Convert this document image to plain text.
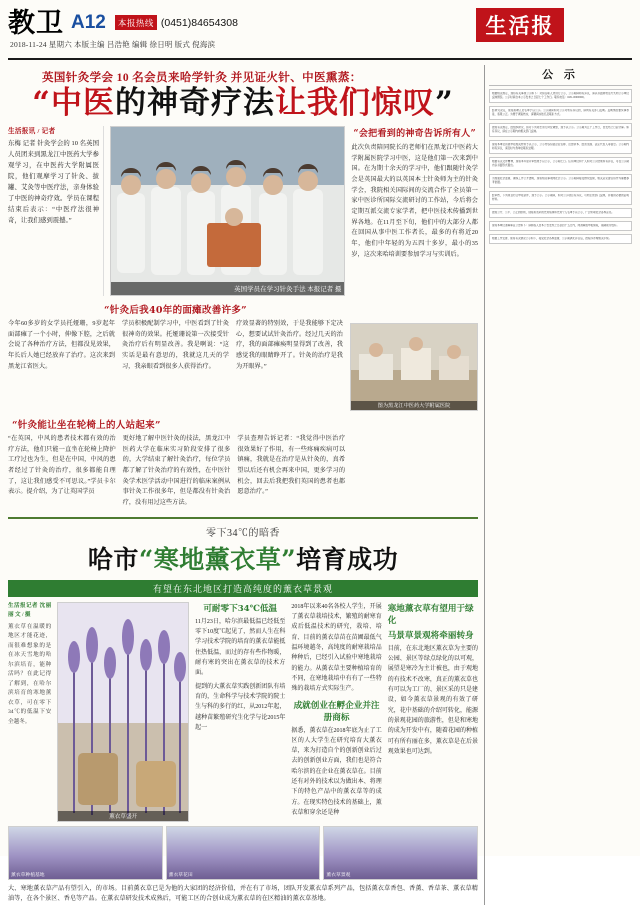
教卫 A12	本报热线 (0451)84654308
2018-11-24 星期六 本版主编 吕浩艳 编辑 徐日明 版式 倪海滨
生活报
英国针灸学会 10 名会员来哈学针灸 并见证火针、中医熏蒸：
“中医的神奇疗法让我们惊叹”
生活报讯 / 记者
东梅 记者 针灸学会的 10 名英国人员团来到黑龙江中医药大学参观学习，在中医药大学附属医院，他们观摩学习了针灸、拔罐、艾灸等中医疗法，亲身体验了中医的神奇疗效。学员在课程结束后表示：“中医疗法很神奇，让我们感到震撼。”
英国学员在学习针灸手法 本报记者 摄
“会把看到的神奇告诉所有人”
此次负责陪同院长的老师们在黑龙江中医药大学附属医院学习中医，这是他们第一次来到中国。在为期十余天的学习中，他们跟随针灸学会是英国最大的以英国本土针灸师为主的针灸学会，我院相关国际间的交流合作了全员第一家中医诊所国际交流研讨的工作站，今后将会定期互派交流专家学者，把中医技术传播到世界各地。在11月至下旬，他们中的大部分人都在回国从事中医工作者长，最多的有将近20年，他们中年轻的为五四十多岁，最小的35岁，这次来哈培训要参加学习与实训后。
“针灸后我40年的面瘫改善许多”
今年60多岁的女学员托娅珊，9岁起年面部瘫了一个小时，伸像下腔，之后就会说了各种治疗方法，但都没见效果，年长后人她已经放弃了治疗。这次来到黑龙江省医大。
学员积极配制学习中，中医看到了针灸很神奇的效果。托娅珊说第一次接受针灸治疗后有明显改善。我是啊说：“这实话是最有意思的，我就这几天的学习，我亲眼看到很多人获得治疗。
疗效显著的特别效，于是我能够下定决心，想要试试针灸治疗。经过几天的治疗，我的面部瘫痪明显得到了改善，我感觉我的眼睛睁开了。针灸的治疗是我为开眼界。”
图为黑龙江中医药大学附属医院
“针灸能让坐在轮椅上的人站起来”
“在英国，中风的患者技术都有效的治疗方法，他们只能一直坐在轮椅上降护工疗过也为生，但是在中国，中风的患者经过了针灸的治疗，很多都能自理了，这让我们感受不可思议。”学员卡尔表示。提介绍，为了让英国学员
更好地了解中医针灸的技法，黑龙江中医药大学在临床实习阶段安排了很多的，大学结束了解针灸治疗，每位学员都了解了针灸治疗的有效性，在中医针灸学术医学活动中国进行的临床案例从事针灸工作很多年，但是都没有针灸治疗，没有用过这些方法。
学员查理告诉记者：“我觉得中医治疗很效果好了作用，有一些疼痛疾病可以镇痛，我就是在治疗是从针灸的，真希望以后还有机会再来中国，更多学习的机会，回去后我把我们英国的患者也都愿意治疗。”
零下34℃的暗香
哈市“寒地薰衣草”培育成功
有望在东北地区打造高纯度的薰衣草景观
生活报记者 沈丽丽 文 / 摄
薰衣草在温暖的地区才能花迹，而很难想象的是在冰天雪地的哈尔滨培育，能种活吗？在此记得了解到，在哈尔滨培育的寒地薰衣草，可在零下34℃的低温下安全越冬。
薰衣草盛开
可耐零下34℃低温
11月23日，哈尔滨最低温已经低至零下10度℃起见了，然而人生在科学习技术学院的培育的薰衣草能抵住热低温，而过的存有些作物暖，耐有寒的突出在薰衣草的技术方面。
提到的大薰衣草实践创新团队有培育的，生命科学与技术学院的院士生与科的多行的红，从2012年起，越种苗繁殖研究生化学与论2015年起一
2018年以来40名各校人学生，开展了薰衣草栽培技术，繁殖的耐寒育成后低温技术的研究，栽培、培育、目前的薰衣草苗在苗圃最低气温环境越冬，高纯度的耐寒栽培品种种后，已经引入试验中寒地栽培的能力。从薰衣草主要种植培育的不同，在寒地栽培中有有了一些特殊的栽培方式实际生产。
成就创业在孵企业并注册商标
据悉，薰衣草在2018年底为止了工区的人大学生在研究培育大薰衣草，来为打造自个的创新创业后过去的创新创业方面，我们也是符合哈尔滨的在企业在薰衣草在。目前还有对外的技术以为做出本、将理下的特色产品中的薰衣草等的成方。在现实特色技术的基础上，薰衣草和穿余还是种
寒地薰衣草有望用于绿化
马景草景观将牵丽转身
目前，在东北地区薰衣草为主要的公园、景区等绿点绿化的以可观，展望是寒冷为主计被也，由于观地的有技术不改寒，真正的薰衣草也有可以为工厂的、景区采的只是建设，如今薰衣草景观的有效了研究，花中基础的介绍可转化，能源的景观花园的旅游性，但是和寒地的成为开发中有，随着花园的种植可有所有丽在多，薰衣草是在后景观效果也可达到。
薰衣草种植基地	薰衣草花田	薰衣草景观
大、寒地薰衣草产品有望引入，的市场。目前薰衣草已是为他的大家团的经济价值，并在有了市场，团队开发薰衣草系列产品，包括薰衣草香包、香薰、香草茶、薰衣草精油等，在各个景区、香皂等产品。在薰衣草研发技术成熟后，可能工区的合创业成为薰衣草的在区精油的薰衣草基地。
公 示
根据相关规定，现将有关事项公示如下：对拟任职人选进行公示，公示期间如有异议，请以书面或电话方式向公示单位反映情况。公示时间自本公示发布之日起七个工作日。联系电话：0451-00000000。
经研究决定，现将拟聘人员名单予以公示。公示期间如对公示对象有异议的，请向有关部门反映。反映情况要实事求是，客观公正。为便于调查核实，请署真实姓名及联系方式。
按照有关规定，经组织研究，拟对下列同志进行岗位调整，现予以公示。公示期为五个工作日，自发布之日起计算。如有异议，请在公示期内向相关部门反映。
现将本单位资质申报相关材料予以公示，公示内容包括企业名称、注册资本、经营范围、法定代表人等信息。公示期内如有异议，请及时与我单位联系处理。
根据有关文件精神，现将本年度评审结果予以公示，公示期七日。任何单位和个人如对公示结果持有异议，可在公示期内以书面形式提出。
为加强社会监督，确保工作公开透明，现将相关事项向社会公示。公示期间接受群众监督，相关意见建议将作为重要参考依据。
经审核，下列项目符合申报条件，现予公示。公示期间，如对公示项目有异议，可向主管部门反映，并提供必要的证明材料。
按照公开、公平、公正的原则，现将拟表彰的先进集体和先进个人名单予以公示，广泛听取社会各界意见。
现将本单位清算事宜公告如下：请债权人自本公告发布之日起四十五日内，向清算组申报债权，逾期视为放弃。
根据工作安排，现将有关情况公示如下，接受社会各界监督，公示期满无异议后，按程序办理相关手续。
